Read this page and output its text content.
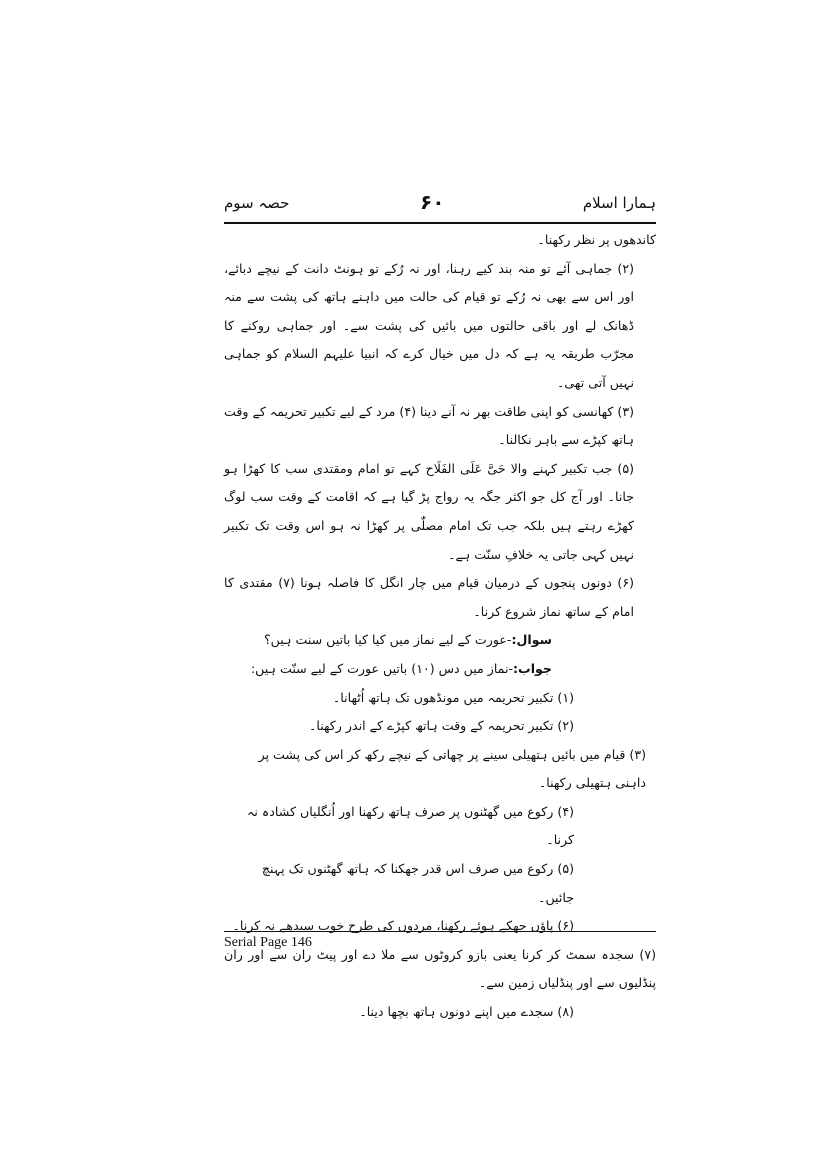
حصہ سوم	۶۰	ہمارا اسلام

کاندھوں پر نظر رکھنا۔

(۲) جماہی آئے تو منہ بند کیے رہنا، اور نہ رُکے تو ہونٹ دانت کے نیچے دبائے، اور اس سے بھی نہ رُکے تو قیام کی حالت میں داہنے ہاتھ کی پشت سے منہ ڈھانک لے اور باقی حالتوں میں بائیں کی پشت سے۔ اور جماہی روکنے کا مجرّب طریقہ یہ ہے کہ دل میں خیال کرے کہ انبیا علیہم السلام کو جماہی نہیں آتی تھی۔

(۳) کھانسی کو اپنی طاقت بھر نہ آنے دینا (۴) مرد کے لیے تکبیر تحریمہ کے وقت ہاتھ کپڑے سے باہر نکالنا۔

(۵) جب تکبیر کہنے والا حَیَّ عَلَی الفَلَاح کہے تو امام ومقتدی سب کا کھڑا ہو جانا۔ اور آج کل جو اکثر جگہ یہ رواج پڑ گیا ہے کہ اقامت کے وقت سب لوگ کھڑے رہتے ہیں بلکہ جب تک امام مصلّٰی پر کھڑا نہ ہو اس وقت تک تکبیر نہیں کہی جاتی یہ خلافِ سنّت ہے۔

(۶) دونوں پنجوں کے درمیان قیام میں چار انگل کا فاصلہ ہونا (۷) مقتدی کا امام کے ساتھ نماز شروع کرنا۔

سوال:-عورت کے لیے نماز میں کیا کیا باتیں سنت ہیں؟

جواب:-نماز میں دس (۱۰) باتیں عورت کے لیے سنّت ہیں:

(۱) تکبیر تحریمہ میں مونڈھوں تک ہاتھ اُٹھانا۔

(۲) تکبیر تحریمہ کے وقت ہاتھ کپڑے کے اندر رکھنا۔

(۳) قیام میں بائیں ہتھیلی سینے پر چھاتی کے نیچے رکھ کر اس کی پشت پر داہنی ہتھیلی رکھنا۔

(۴) رکوع میں گھٹنوں پر صرف ہاتھ رکھنا اور اُنگلیاں کشادہ نہ کرنا۔

(۵) رکوع میں صرف اس قدر جھکنا کہ ہاتھ گھٹنوں تک پہنچ جائیں۔

(۶) پاؤں جھکے ہوئے رکھنا، مردوں کی طرح خوب سیدھے نہ کرنا۔

(۷) سجدہ سمٹ کر کرنا یعنی بازو کروٹوں سے ملا دے اور پیٹ ران سے اور ران پنڈلیوں سے اور پنڈلیاں زمین سے۔

(۸) سجدے میں اپنے دونوں ہاتھ بچھا دینا۔

Serial Page 146
